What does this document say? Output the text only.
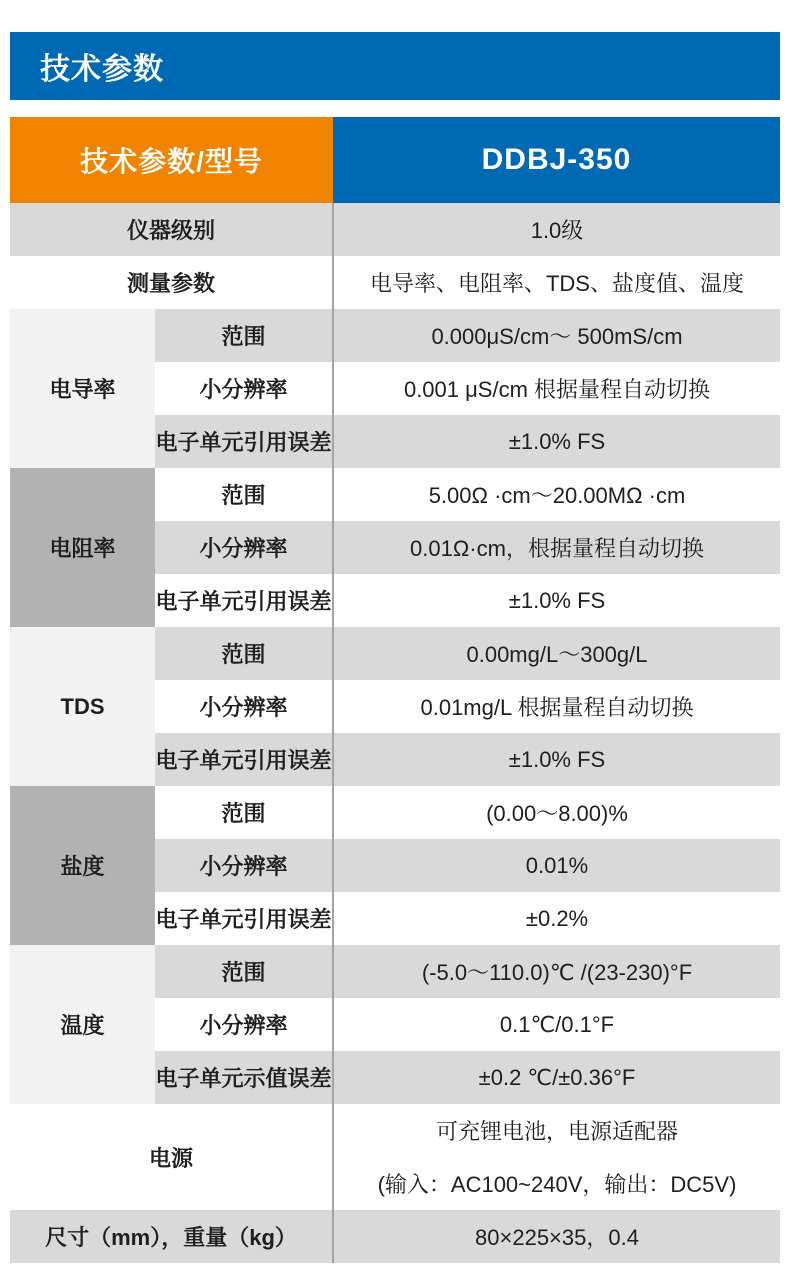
技术参数
技术参数/型号		DDBJ-350
仪器级别		1.0级
测量参数		电导率、电阻率、TDS、盐度值、温度
电导率	范围	0.000μS/cm～ 500mS/cm
	小分辨率	0.001 μS/cm 根据量程自动切换
	电子单元引用误差	±1.0% FS
电阻率	范围	5.00Ω ·cm～20.00MΩ ·cm
	小分辨率	0.01Ω·cm，根据量程自动切换
	电子单元引用误差	±1.0% FS
TDS	范围	0.00mg/L～300g/L
	小分辨率	0.01mg/L 根据量程自动切换
	电子单元引用误差	±1.0% FS
盐度	范围	(0.00～8.00)%
	小分辨率	0.01%
	电子单元引用误差	±0.2%
温度	范围	(-5.0～110.0)℃ /(23-230)°F
	小分辨率	0.1℃/0.1°F
	电子单元示值误差	±0.2 ℃/±0.36°F
电源		可充锂电池，电源适配器
(输入：AC100~240V，输出：DC5V)

尺寸（mm），重量（kg）		80×225×35，0.4
